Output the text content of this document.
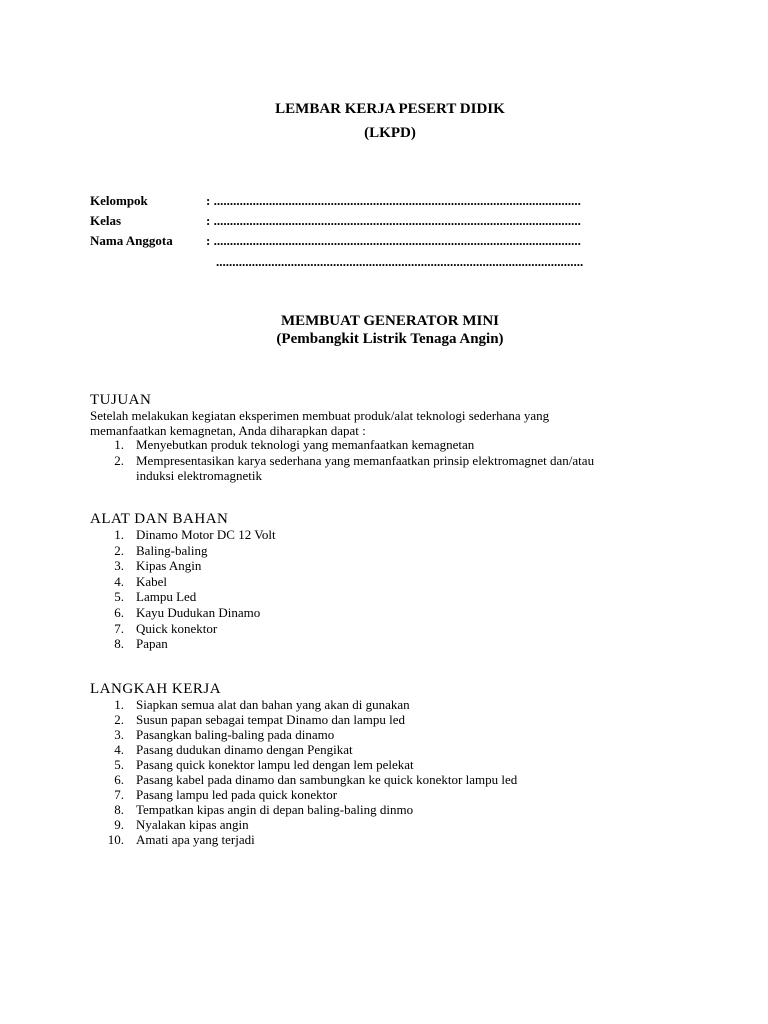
LEMBAR KERJA PESERT DIDIK
(LKPD)
Kelompok	: .................................................................................................................
Kelas	: .................................................................................................................
Nama Anggota	: .................................................................................................................
.................................................................................................................
MEMBUAT GENERATOR MINI
(Pembangkit Listrik Tenaga Angin)
TUJUAN
Setelah melakukan kegiatan eksperimen membuat produk/alat teknologi sederhana yang
memanfaatkan kemagnetan, Anda diharapkan dapat :
1. Menyebutkan produk teknologi yang memanfaatkan kemagnetan
2. Mempresentasikan karya sederhana yang memanfaatkan prinsip elektromagnet dan/atau
induksi elektromagnetik
ALAT DAN BAHAN
1. Dinamo Motor DC 12 Volt
2. Baling-baling
3. Kipas Angin
4. Kabel
5. Lampu Led
6. Kayu Dudukan Dinamo
7. Quick konektor
8. Papan
LANGKAH KERJA
1. Siapkan semua alat dan bahan yang akan di gunakan
2. Susun papan sebagai tempat Dinamo dan lampu led
3. Pasangkan baling-baling pada dinamo
4. Pasang dudukan dinamo dengan Pengikat
5. Pasang quick konektor lampu led dengan lem pelekat
6. Pasang kabel pada dinamo dan sambungkan ke quick konektor lampu led
7. Pasang lampu led pada quick konektor
8. Tempatkan kipas angin di depan baling-baling dinmo
9. Nyalakan kipas angin
10. Amati apa yang terjadi
